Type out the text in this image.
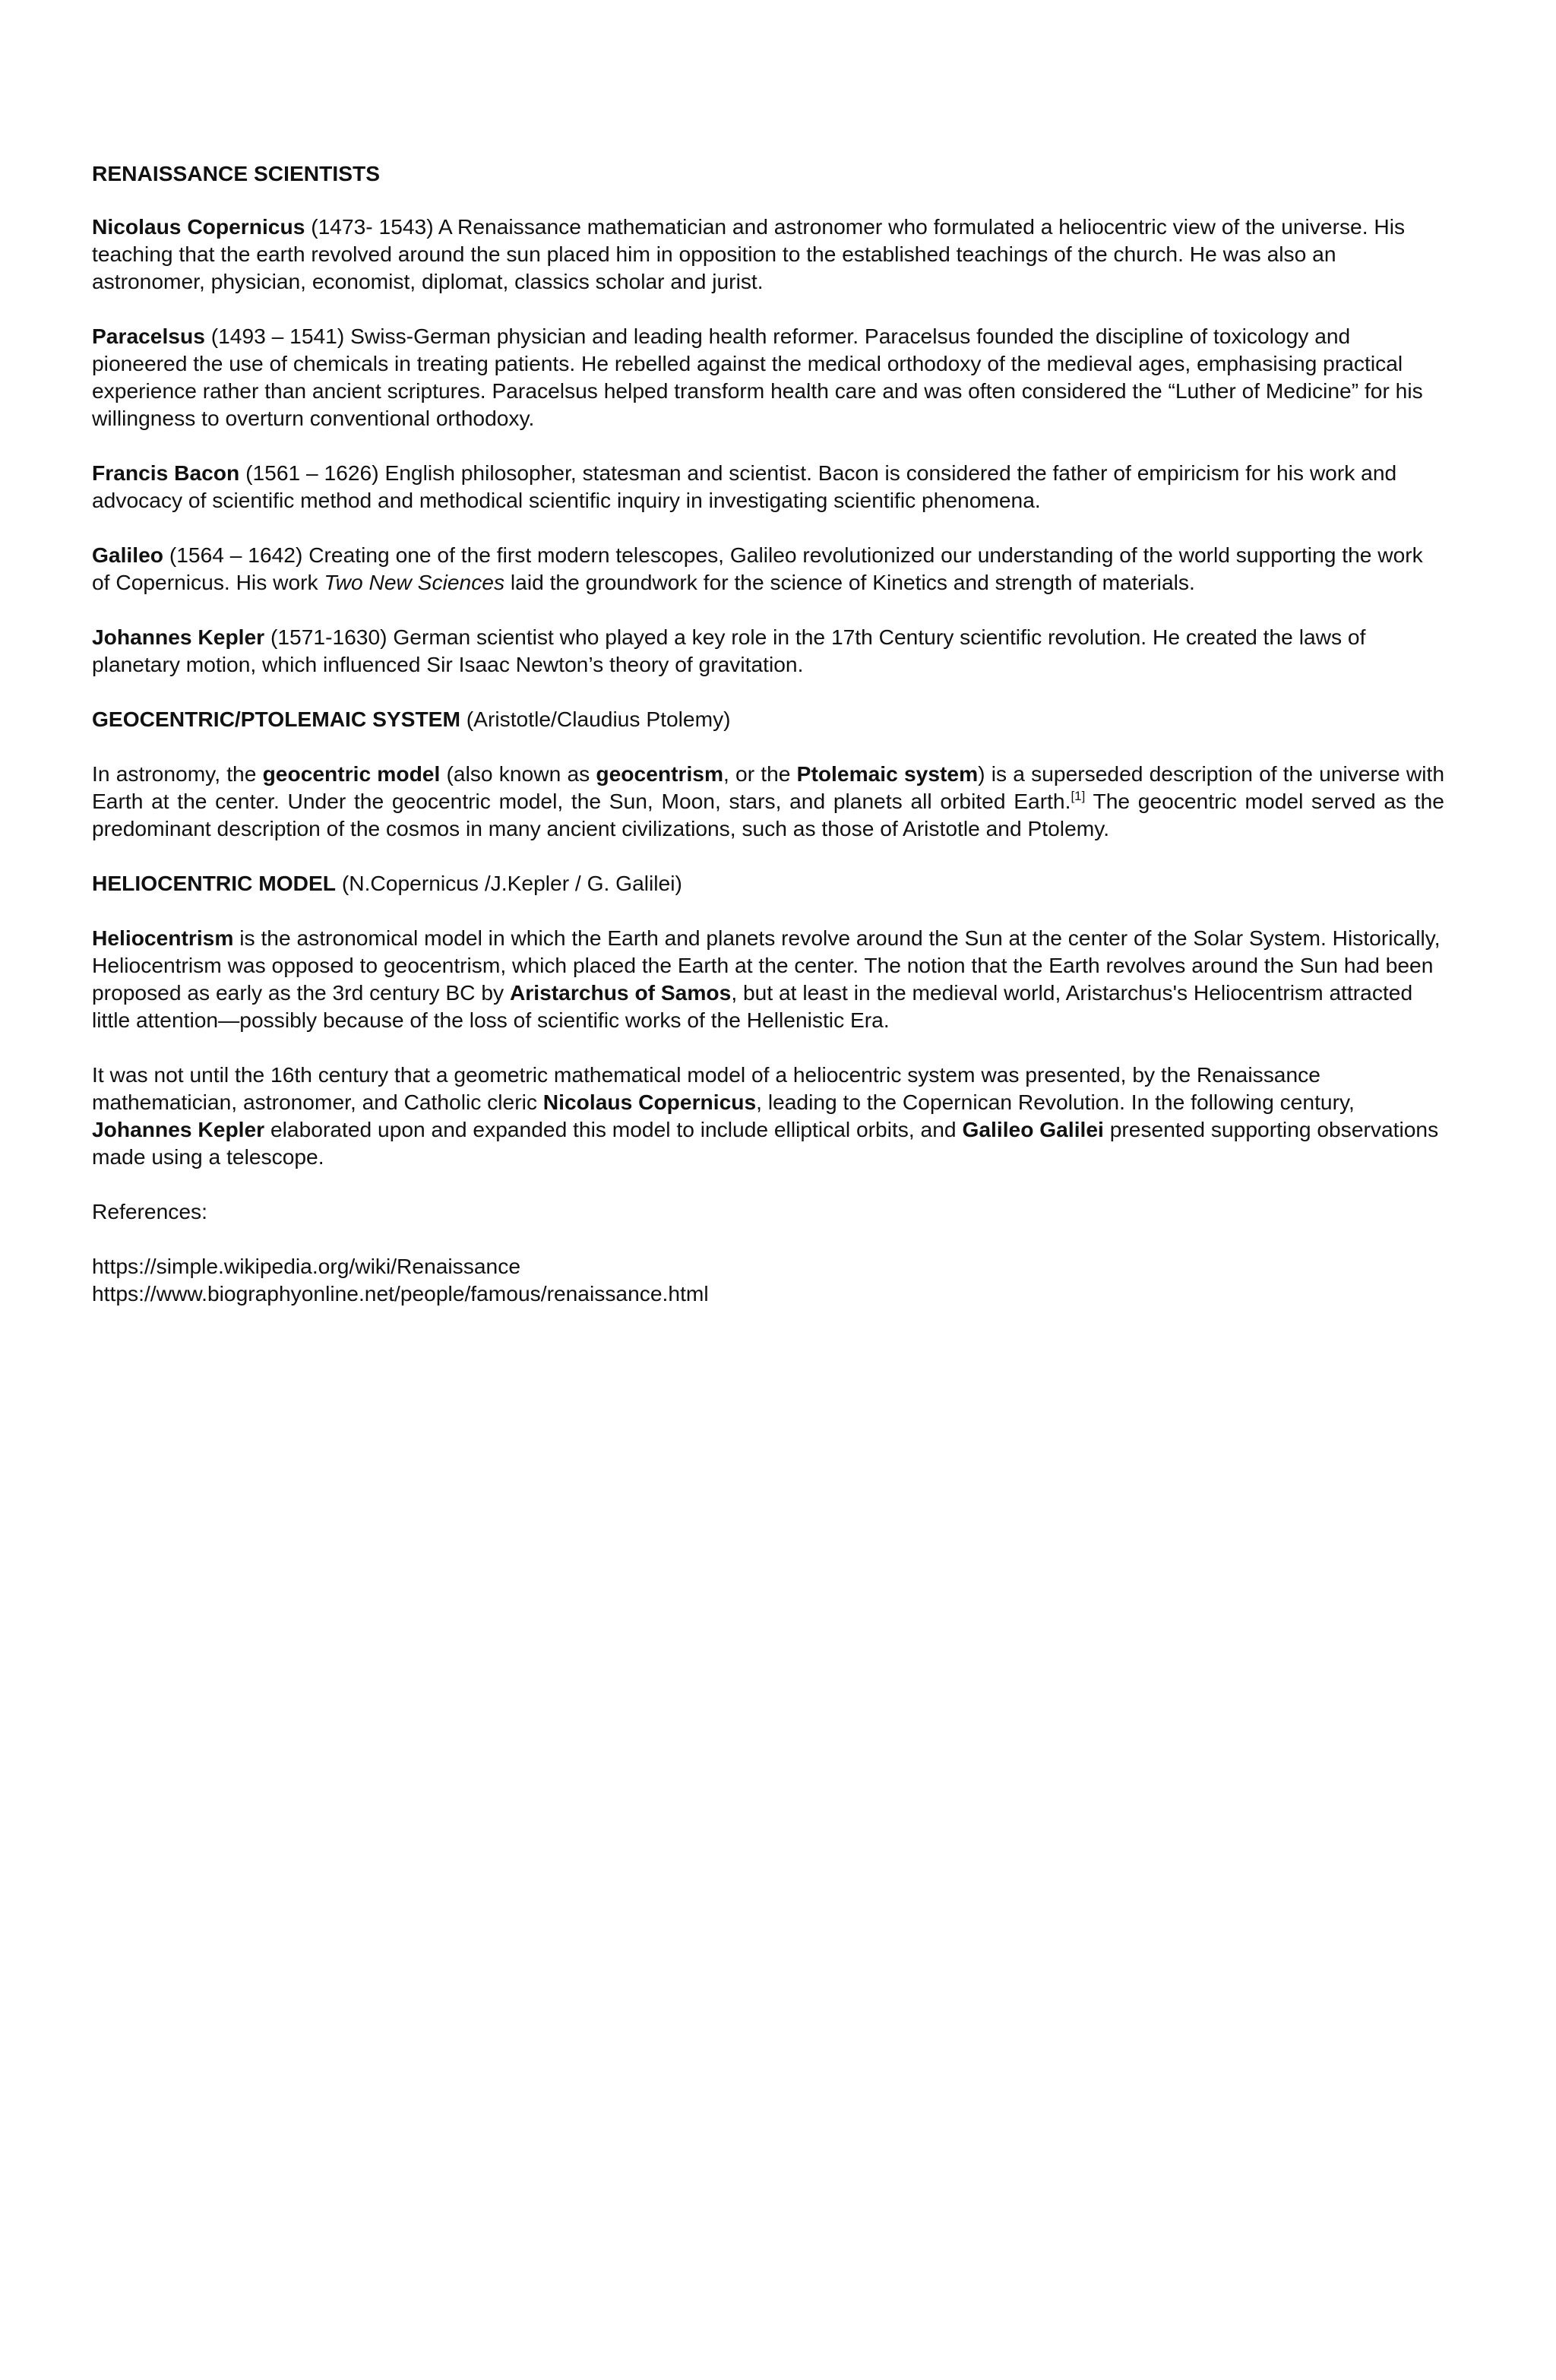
RENAISSANCE SCIENTISTS

Nicolaus Copernicus (1473- 1543) A Renaissance mathematician and astronomer who formulated a heliocentric view of the universe. His teaching that the earth revolved around the sun placed him in opposition to the established teachings of the church. He was also an astronomer, physician, economist, diplomat, classics scholar and jurist.

Paracelsus (1493 – 1541) Swiss-German physician and leading health reformer. Paracelsus founded the discipline of toxicology and pioneered the use of chemicals in treating patients. He rebelled against the medical orthodoxy of the medieval ages, emphasising practical experience rather than ancient scriptures. Paracelsus helped transform health care and was often considered the “Luther of Medicine” for his willingness to overturn conventional orthodoxy.

Francis Bacon (1561 – 1626) English philosopher, statesman and scientist. Bacon is considered the father of empiricism for his work and advocacy of scientific method and methodical scientific inquiry in investigating scientific phenomena.

Galileo (1564 – 1642) Creating one of the first modern telescopes, Galileo revolutionized our understanding of the world supporting the work of Copernicus. His work Two New Sciences laid the groundwork for the science of Kinetics and strength of materials.

Johannes Kepler (1571-1630) German scientist who played a key role in the 17th Century scientific revolution. He created the laws of planetary motion, which influenced Sir Isaac Newton’s theory of gravitation.

GEOCENTRIC/PTOLEMAIC SYSTEM (Aristotle/Claudius Ptolemy)

In astronomy, the geocentric model (also known as geocentrism, or the Ptolemaic system) is a superseded description of the universe with Earth at the center. Under the geocentric model, the Sun, Moon, stars, and planets all orbited Earth.[1] The geocentric model served as the predominant description of the cosmos in many ancient civilizations, such as those of Aristotle and Ptolemy.

HELIOCENTRIC MODEL (N.Copernicus /J.Kepler / G. Galilei)

Heliocentrism is the astronomical model in which the Earth and planets revolve around the Sun at the center of the Solar System. Historically, Heliocentrism was opposed to geocentrism, which placed the Earth at the center. The notion that the Earth revolves around the Sun had been proposed as early as the 3rd century BC by Aristarchus of Samos, but at least in the medieval world, Aristarchus's Heliocentrism attracted little attention—possibly because of the loss of scientific works of the Hellenistic Era.

It was not until the 16th century that a geometric mathematical model of a heliocentric system was presented, by the Renaissance mathematician, astronomer, and Catholic cleric Nicolaus Copernicus, leading to the Copernican Revolution. In the following century, Johannes Kepler elaborated upon and expanded this model to include elliptical orbits, and Galileo Galilei presented supporting observations made using a telescope.

References:

https://simple.wikipedia.org/wiki/Renaissance
https://www.biographyonline.net/people/famous/renaissance.html
